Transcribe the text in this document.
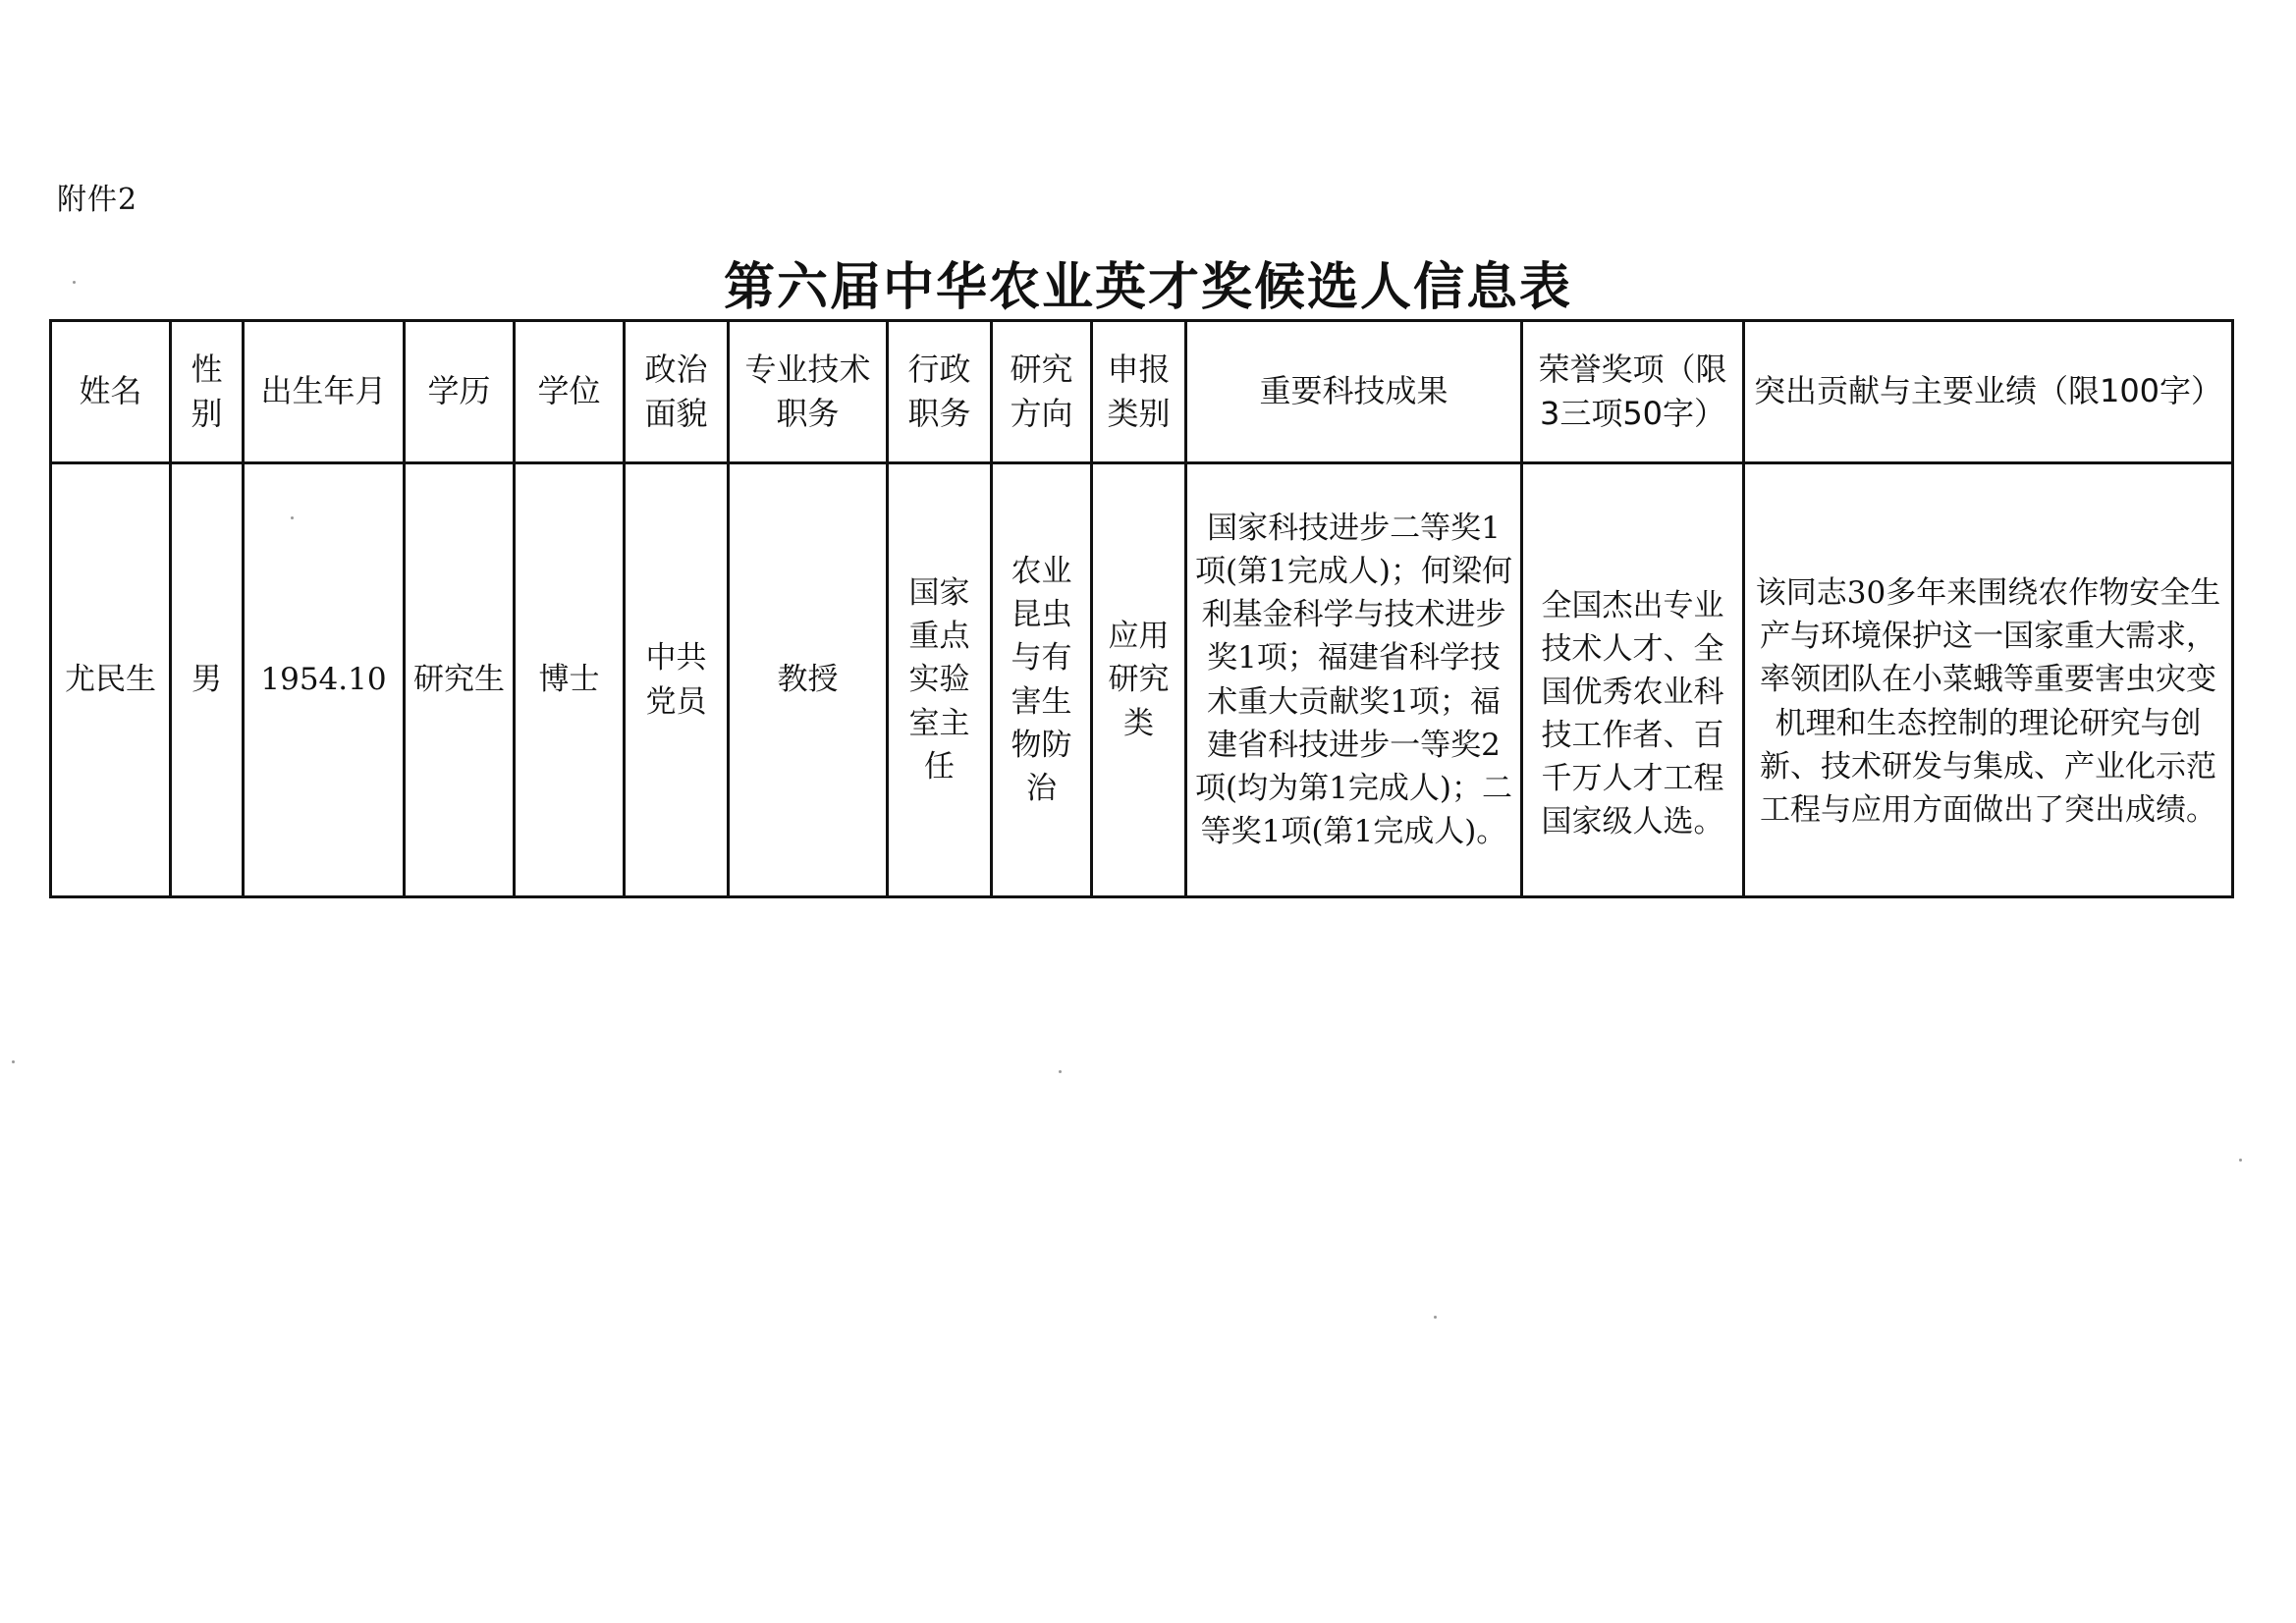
附件2
第六届中华农业英才奖候选人信息表
姓名	性别	出生年月	学历	学位	政治面貌	专业技术职务	行政职务	研究方向	申报类别	重要科技成果	荣誉奖项（限3三项50字）	突出贡献与主要业绩（限100字）
尤民生	男	1954.10	研究生	博士	中共党员	教授	国家重点实验室主任	农业昆虫与有害生物防治	应用研究类	国家科技进步二等奖1项(第1完成人)；何梁何利基金科学与技术进步奖1项；福建省科学技术重大贡献奖1项；福建省科技进步一等奖2项(均为第1完成人)；二等奖1项(第1完成人)。	全国杰出专业技术人才、全国优秀农业科技工作者、百千万人才工程国家级人选。	该同志30多年来围绕农作物安全生产与环境保护这一国家重大需求，率领团队在小菜蛾等重要害虫灾变机理和生态控制的理论研究与创新、技术研发与集成、产业化示范工程与应用方面做出了突出成绩。
